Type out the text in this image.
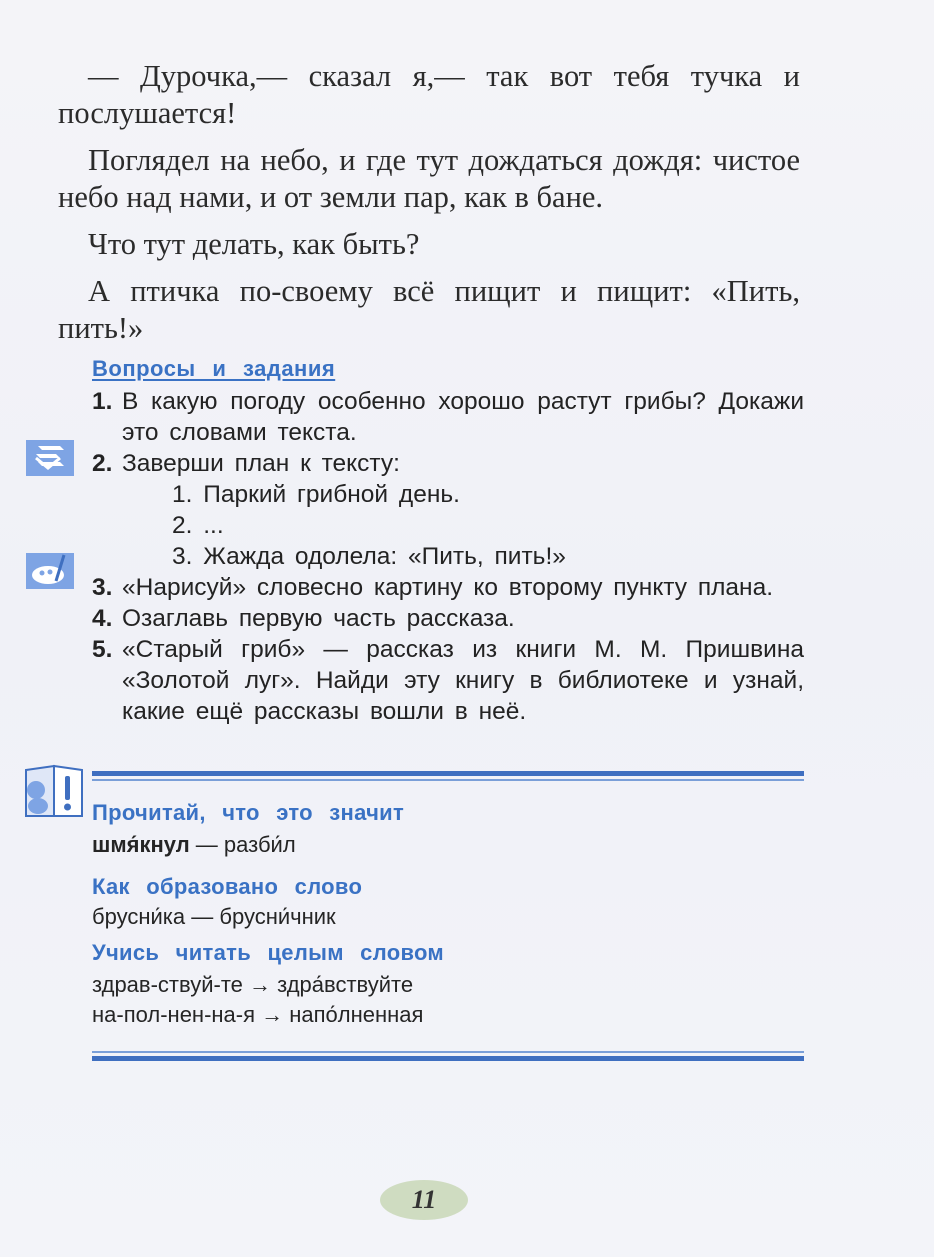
— Дурочка,— сказал я,— так вот тебя тучка и послушается!

Поглядел на небо, и где тут дождаться дождя: чистое небо над нами, и от земли пар, как в бане.

Что тут делать, как быть?

А птичка по-своему всё пищит и пищит: «Пить, пить!»

Вопросы и задания
1. В какую погоду особенно хорошо растут грибы? Докажи это словами текста.
2. Заверши план к тексту:
1. Паркий грибной день.
2. ...
3. Жажда одолела: «Пить, пить!»
3. «Нарисуй» словесно картину ко второму пункту плана.
4. Озаглавь первую часть рассказа.
5. «Старый гриб» — рассказ из книги М. М. Пришвина «Золотой луг». Найди эту книгу в библиотеке и узнай, какие ещё рассказы вошли в неё.
Прочитай, что это значит
шмя́кнул — разби́л
Как образовано слово
брусни́ка — брусни́чник
Учись читать целым словом
здрав-ствуй-те → здра́вствуйте
на-пол-нен-на-я → напо́лненная
11
